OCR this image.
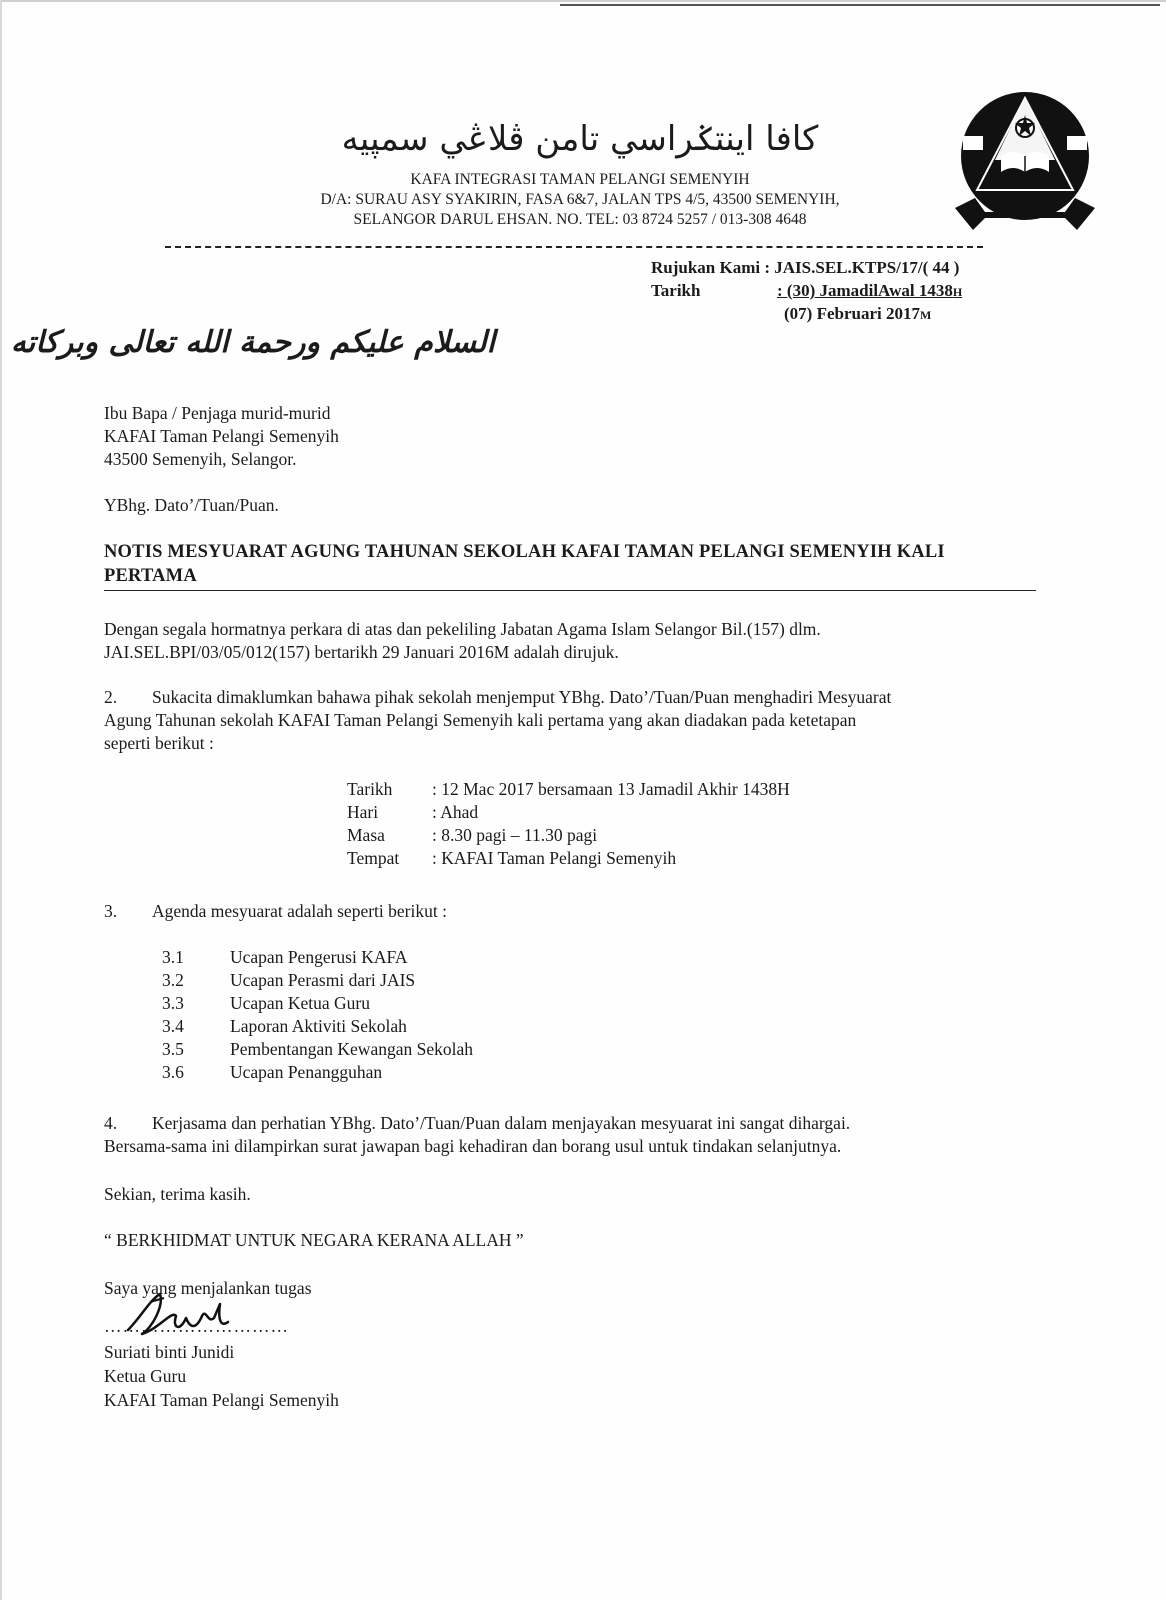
كافا اينتݢراسي تامن ڤلاڠي سمڽيه
KAFA INTEGRASI TAMAN PELANGI SEMENYIH
D/A: SURAU ASY SYAKIRIN, FASA 6&7, JALAN TPS 4/5, 43500 SEMENYIH,
SELANGOR DARUL EHSAN. NO. TEL: 03 8724 5257 / 013-308 4648
Rujukan Kami : JAIS.SEL.KTPS/17/( 44 )
Tarikh	: (30) JamadilAwal 1438H
(07) Februari 2017M
السلام عليكم ورحمة الله تعالى وبركاته
Ibu Bapa / Penjaga murid-murid
KAFAI Taman Pelangi Semenyih
43500 Semenyih, Selangor.
YBhg. Dato’/Tuan/Puan.
NOTIS MESYUARAT AGUNG TAHUNAN SEKOLAH KAFAI TAMAN PELANGI SEMENYIH KALI
PERTAMA
Dengan segala hormatnya perkara di atas dan pekeliling Jabatan Agama Islam Selangor Bil.(157) dlm.
JAI.SEL.BPI/03/05/012(157) bertarikh 29 Januari 2016M adalah dirujuk.
2. Sukacita dimaklumkan bahawa pihak sekolah menjemput YBhg. Dato’/Tuan/Puan menghadiri Mesyuarat
Agung Tahunan sekolah KAFAI Taman Pelangi Semenyih kali pertama yang akan diadakan pada ketetapan
seperti berikut :
Tarikh : 12 Mac 2017 bersamaan 13 Jamadil Akhir 1438H
Hari	: Ahad
Masa	: 8.30 pagi – 11.30 pagi
Tempat : KAFAI Taman Pelangi Semenyih
3. Agenda mesyuarat adalah seperti berikut :
3.1	Ucapan Pengerusi KAFA
3.2	Ucapan Perasmi dari JAIS
3.3	Ucapan Ketua Guru
3.4	Laporan Aktiviti Sekolah
3.5	Pembentangan Kewangan Sekolah
3.6	Ucapan Penangguhan
4. Kerjasama dan perhatian YBhg. Dato’/Tuan/Puan dalam menjayakan mesyuarat ini sangat dihargai.
Bersama-sama ini dilampirkan surat jawapan bagi kehadiran dan borang usul untuk tindakan selanjutnya.
Sekian, terima kasih.
“ BERKHIDMAT UNTUK NEGARA KERANA ALLAH ”
Saya yang menjalankan tugas
…………………………
Suriati binti Junidi
Ketua Guru
KAFAI Taman Pelangi Semenyih
